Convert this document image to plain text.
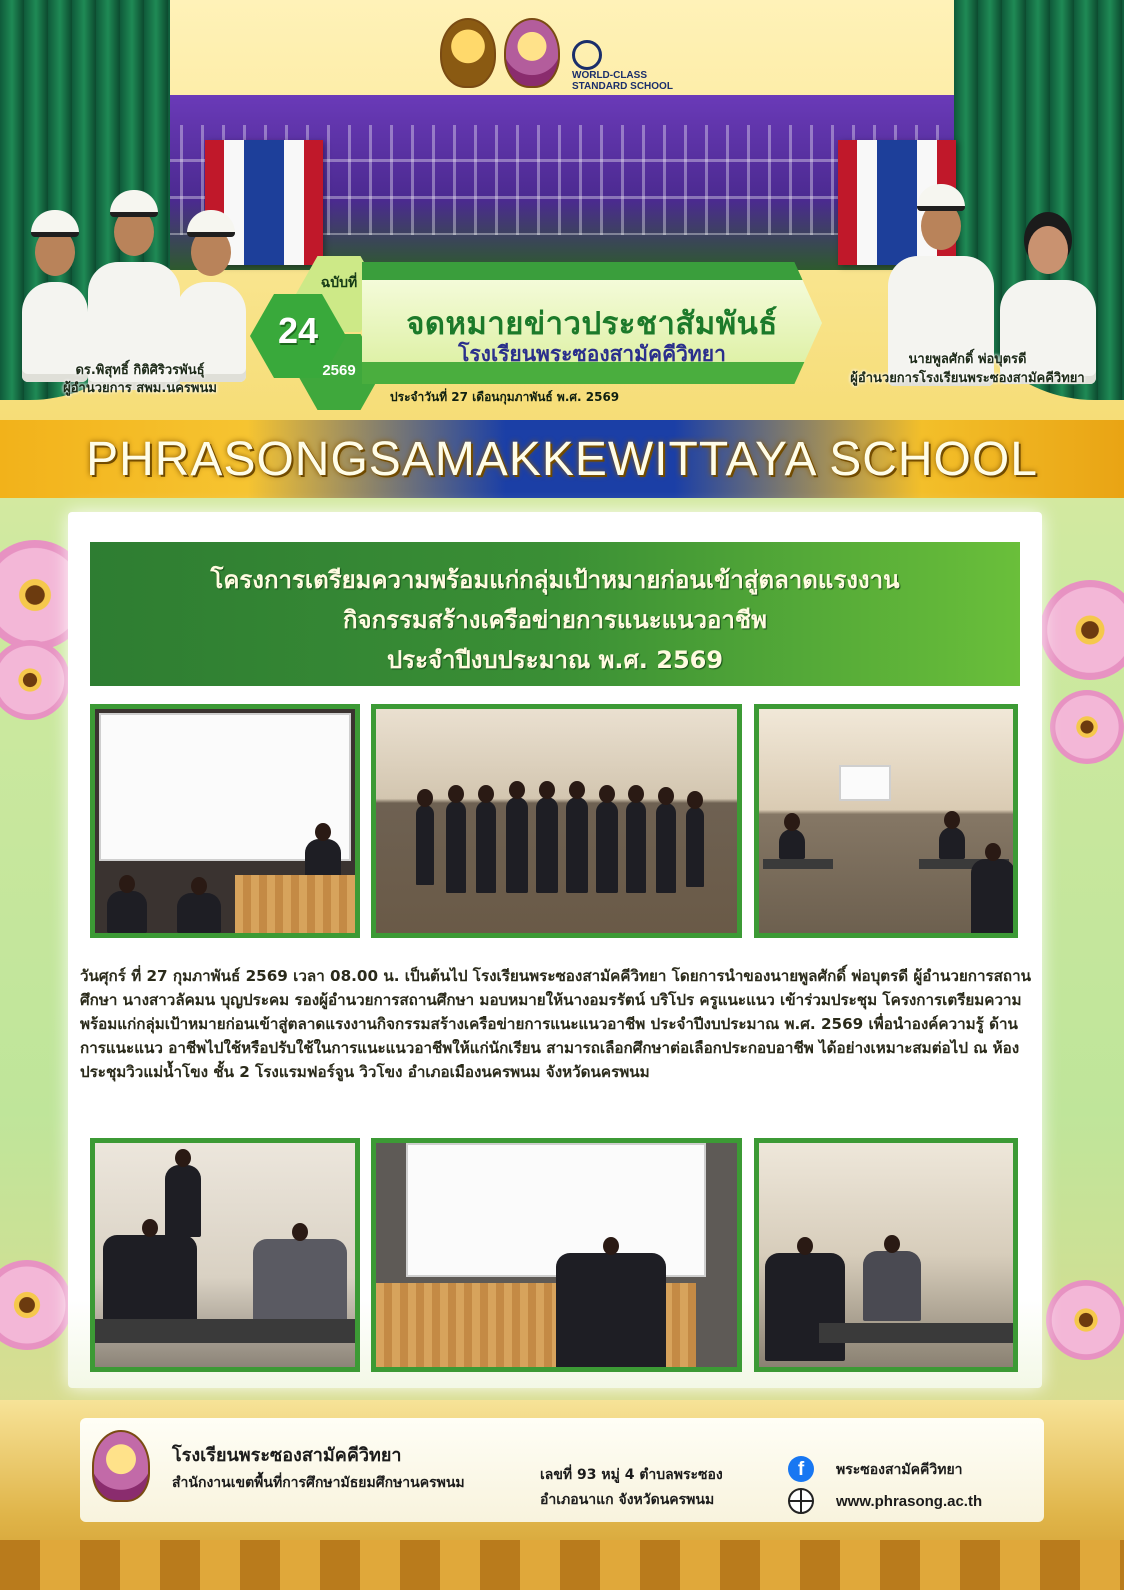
WORLD-CLASS STANDARD SCHOOL
ดร.พิสุทธิ์ กิติศิริวรพันธุ์
ผู้อำนวยการ สพม.นครพนม
นายพูลศักดิ์ พ่อบุตรดี
ผู้อำนวยการโรงเรียนพระซองสามัคคีวิทยา
ฉบับที่
24
2569
จดหมายข่าวประชาสัมพันธ์
โรงเรียนพระซองสามัคคีวิทยา
ประจำวันที่ 27 เดือนกุมภาพันธ์ พ.ศ. 2569
PHRASONGSAMAKKEWITTAYA SCHOOL
โครงการเตรียมความพร้อมแก่กลุ่มเป้าหมายก่อนเข้าสู่ตลาดแรงงาน
กิจกรรมสร้างเครือข่ายการแนะแนวอาชีพ
ประจำปีงบประมาณ พ.ศ. 2569
วันศุกร์ ที่ 27 กุมภาพันธ์ 2569 เวลา 08.00 น. เป็นต้นไป โรงเรียนพระซองสามัคคีวิทยา โดยการนำของนายพูลศักดิ์ พ่อบุตรดี ผู้อำนวยการสถานศึกษา นางสาวลัคมน บุญประคม รองผู้อำนวยการสถานศึกษา มอบหมายให้นางอมรรัตน์ บริโปร ครูแนะแนว เข้าร่วมประชุม โครงการเตรียมความพร้อมแก่กลุ่มเป้าหมายก่อนเข้าสู่ตลาดแรงงานกิจกรรมสร้างเครือข่ายการแนะแนวอาชีพ ประจำปีงบประมาณ พ.ศ. 2569 เพื่อนำองค์ความรู้ ด้านการแนะแนว อาชีพไปใช้หรือปรับใช้ในการแนะแนวอาชีพให้แก่นักเรียน สามารถเลือกศึกษาต่อเลือกประกอบอาชีพ ได้อย่างเหมาะสมต่อไป ณ ห้องประชุมวิวแม่น้ำโขง ชั้น 2 โรงแรมฟอร์จูน วิวโขง อำเภอเมืองนครพนม จังหวัดนครพนม
โรงเรียนพระซองสามัคคีวิทยา
สำนักงานเขตพื้นที่การศึกษามัธยมศึกษานครพนม	เลขที่ 93 หมู่ 4 ตำบลพระซอง
อำเภอนาแก จังหวัดนครพนม
f	พระซองสามัคคีวิทยา
www.phrasong.ac.th
